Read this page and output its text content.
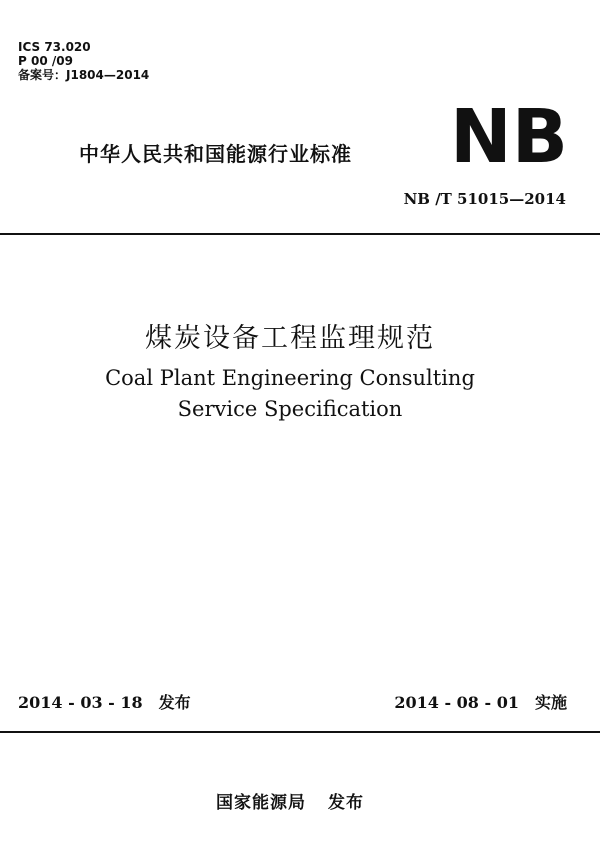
ICS 73.020
P 00 /09
备案号：J1804—2014
中华人民共和国能源行业标准 NB
NB /T 51015—2014
煤炭设备工程监理规范
Coal Plant Engineering Consulting
Service Specification
2014 - 03 - 18 发布	2014 - 08 - 01 实施
国家能源局 发布
